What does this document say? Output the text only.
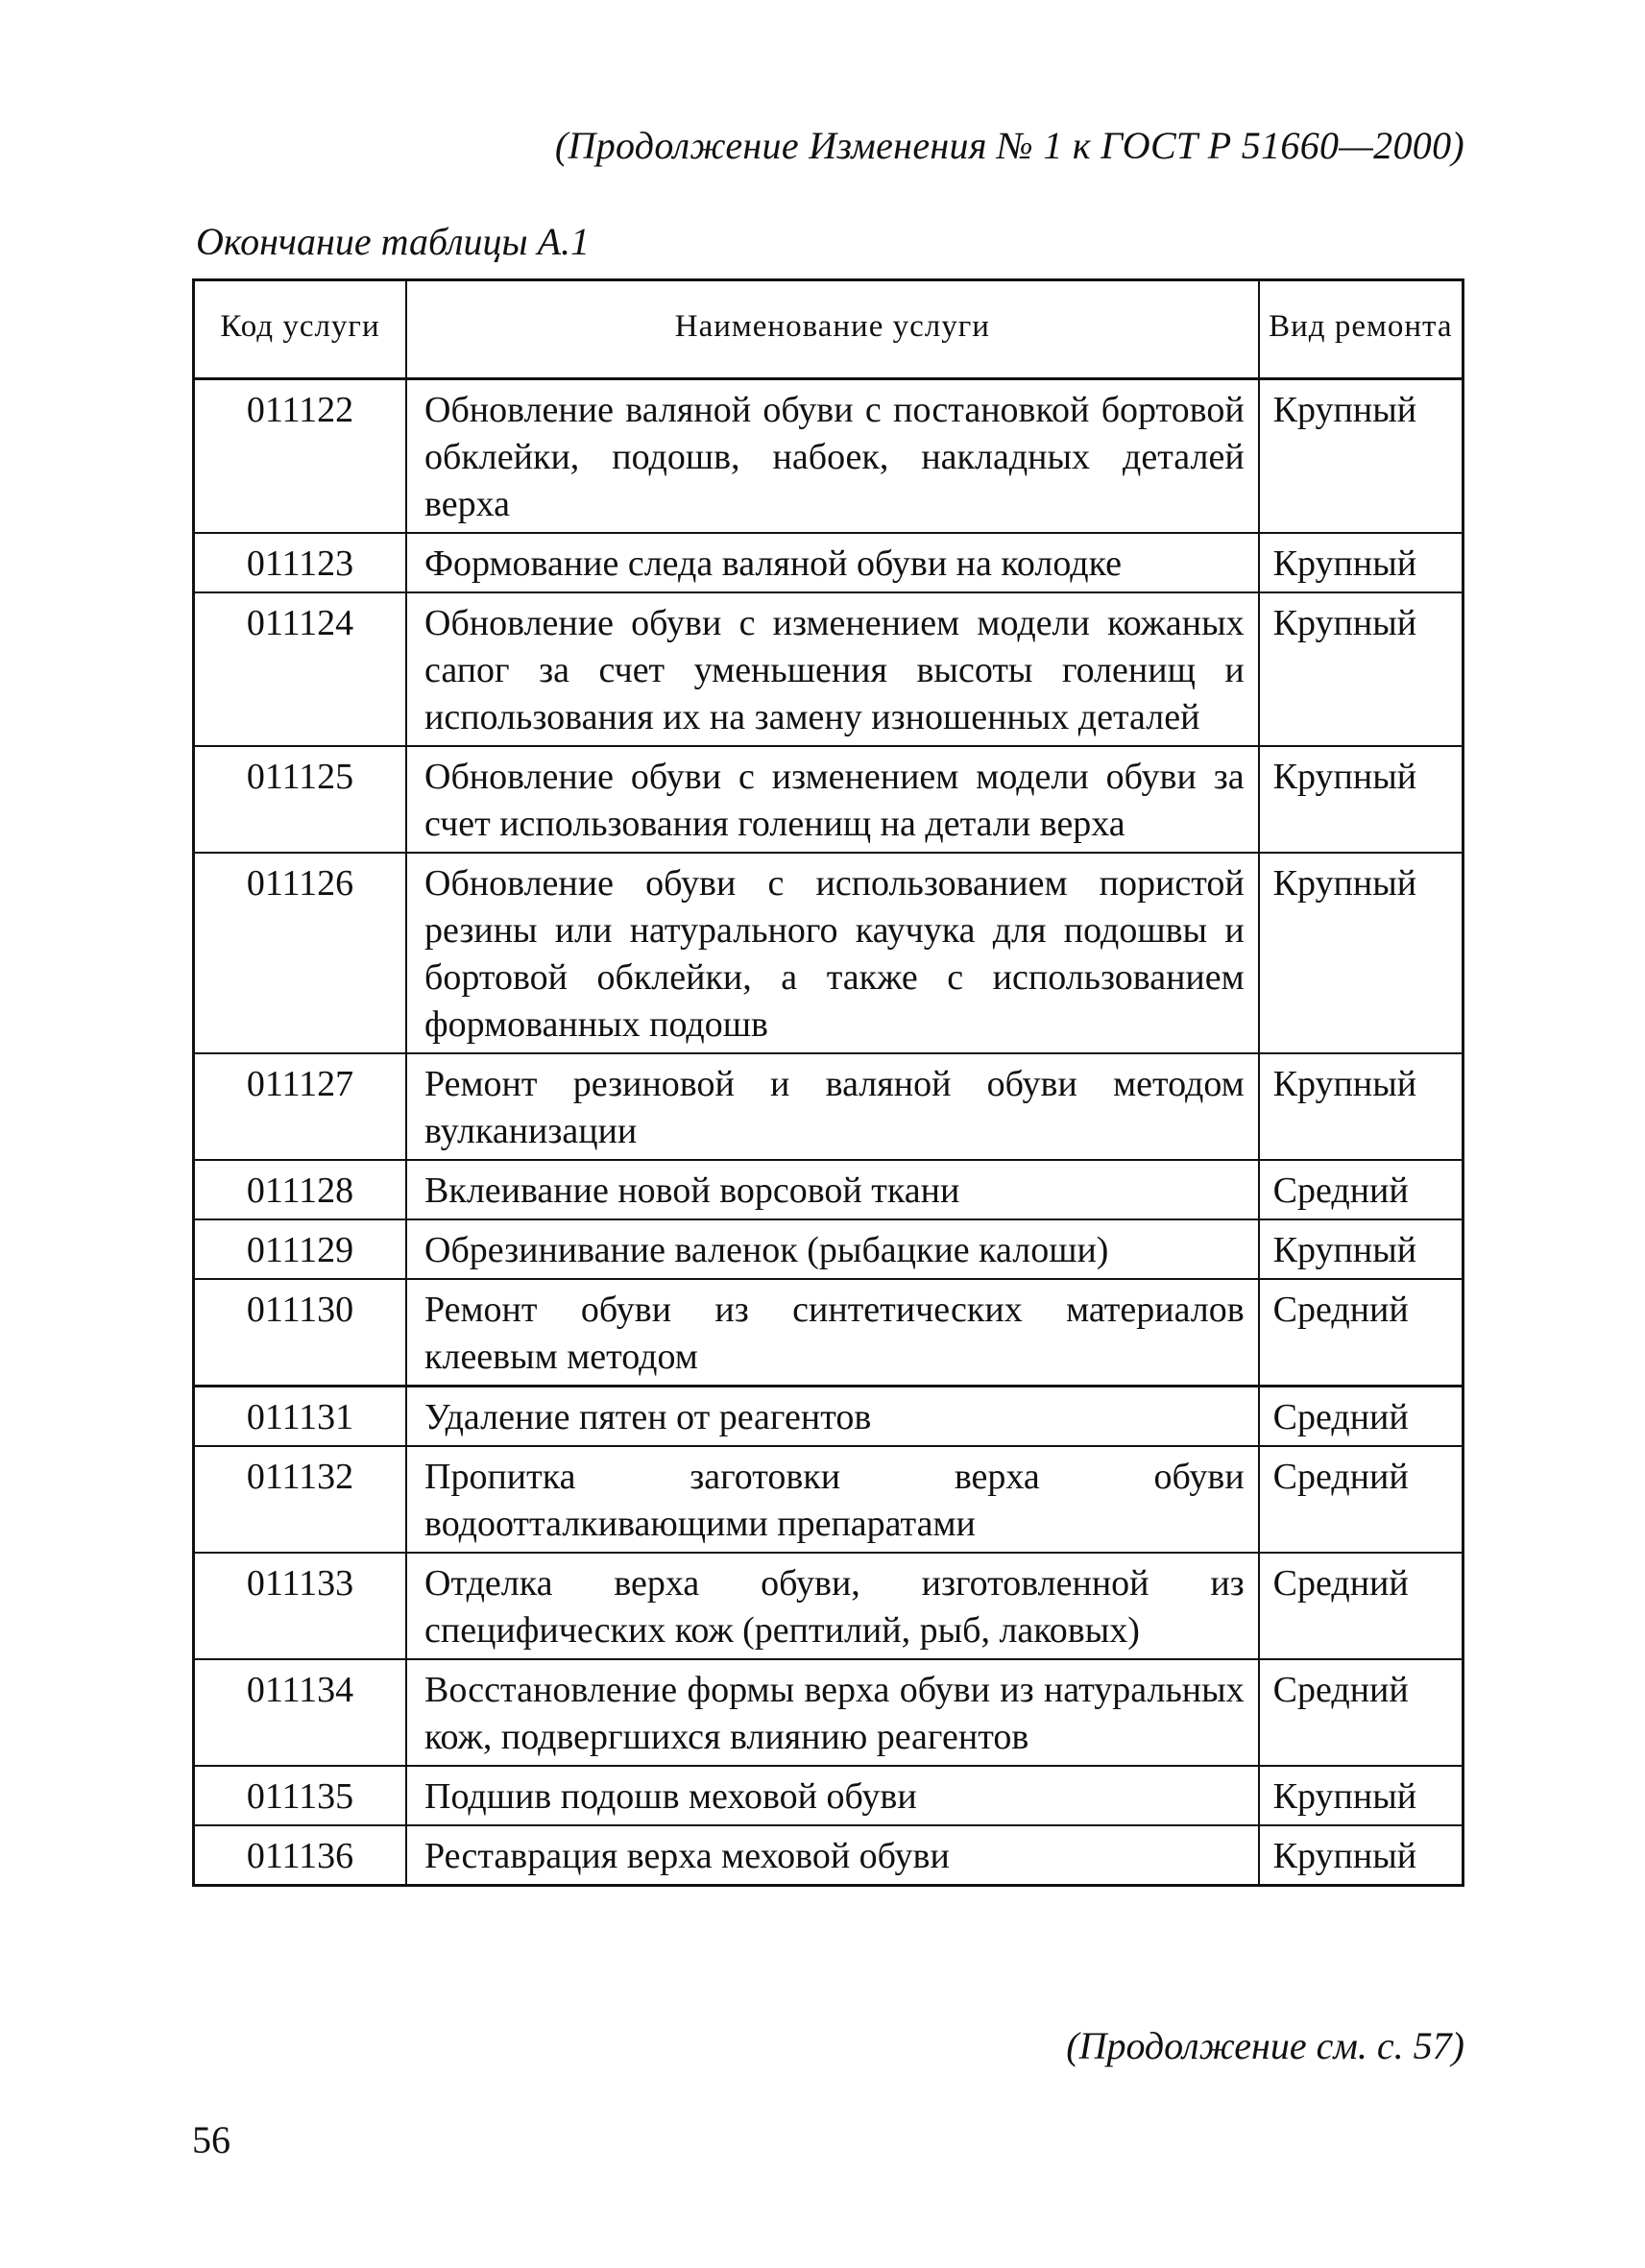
(Продолжение Изменения № 1 к ГОСТ Р 51660—2000)
Окончание таблицы А.1
Код услуги	Наименование услуги	Вид ремонта
011122	Обновление валяной обуви с постановкой бортовой обклейки, подошв, набоек, накладных деталей верха	Крупный
011123	Формование следа валяной обуви на колодке	Крупный
011124	Обновление обуви с изменением модели кожаных сапог за счет уменьшения высоты голенищ и использования их на замену изношенных деталей	Крупный
011125	Обновление обуви с изменением модели обуви за счет использования голенищ на детали верха	Крупный
011126	Обновление обуви с использованием пористой резины или натурального каучука для подошвы и бортовой обклейки, а также с использованием формованных подошв	Крупный
011127	Ремонт резиновой и валяной обуви методом вулканизации	Крупный
011128	Вклеивание новой ворсовой ткани	Средний
011129	Обрезинивание валенок (рыбацкие калоши)	Крупный
011130	Ремонт обуви из синтетических материалов клеевым методом	Средний
011131	Удаление пятен от реагентов	Средний
011132	Пропитка заготовки верха обуви водоотталкивающими препаратами	Средний
011133	Отделка верха обуви, изготовленной из специфических кож (рептилий, рыб, лаковых)	Средний
011134	Восстановление формы верха обуви из натуральных кож, подвергшихся влиянию реагентов	Средний
011135	Подшив подошв меховой обуви	Крупный
011136	Реставрация верха меховой обуви	Крупный
(Продолжение см. с. 57)
56
